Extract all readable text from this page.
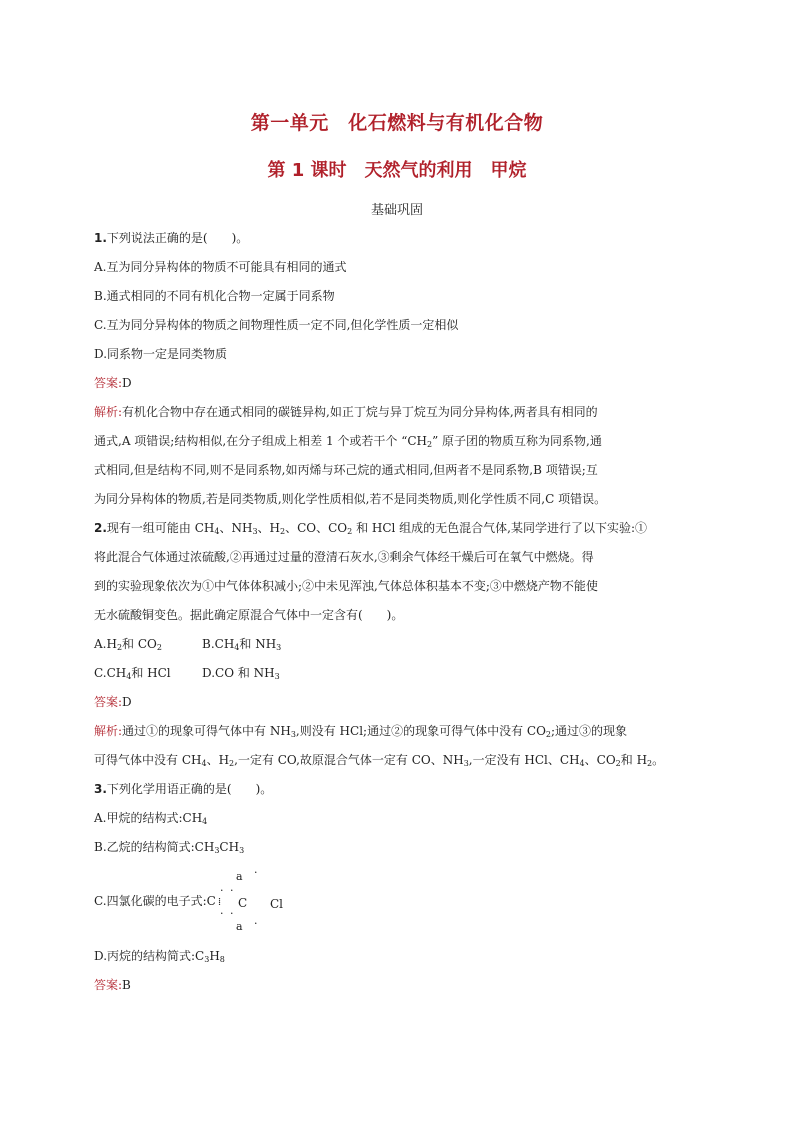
第一单元　化石燃料与有机化合物
第 1 课时　天然气的利用　甲烷
基础巩固
1.下列说法正确的是(　　)。
A.互为同分异构体的物质不可能具有相同的通式
B.通式相同的不同有机化合物一定属于同系物
C.互为同分异构体的物质之间物理性质一定不同,但化学性质一定相似
D.同系物一定是同类物质
答案:D
解析:有机化合物中存在通式相同的碳链异构,如正丁烷与异丁烷互为同分异构体,两者具有相同的
通式,A 项错误;结构相似,在分子组成上相差 1 个或若干个 “$CH_2$” 原子团的物质互称为同系物,通
式相同,但是结构不同,则不是同系物,如丙烯与环己烷的通式相同,但两者不是同系物,B 项错误;互
为同分异构体的物质,若是同类物质,则化学性质相似,若不是同类物质,则化学性质不同,C 项错误。
2.现有一组可能由 $CH_4$、$NH_3$、$H_2$、CO、$CO_2$ 和 HCl 组成的无色混合气体,某同学进行了以下实验:①
将此混合气体通过浓硫酸,②再通过过量的澄清石灰水,③剩余气体经干燥后可在氧气中燃烧。得
到的实验现象依次为①中气体体积减小;②中未见浑浊,气体总体积基本不变;③中燃烧产物不能使
无水硫酸铜变色。据此确定原混合气体中一定含有(　　)。
$A.H_2$和 $CO_2$	$B.CH_4$和 $NH_3$
$C.CH_4$和 HCl	D.CO 和 $NH_3$
答案:D
解析:通过①的现象可得气体中有 $NH_3$,则没有 HCl;通过②的现象可得气体中没有 $CO_2$;通过③的现象
可得气体中没有 $CH_4$、$H_2$,一定有 CO,故原混合气体一定有 CO、$NH_3$,一定没有 HCl、$CH_4$、$CO_2$和 $H_2$。
3.下列化学用语正确的是(　　)。
A.甲烷的结构式$:CH_4$
B.乙烷的结构简式$:CH_3CH_3$
C.四氯化碳的电子式:C
a ·
· ·
⁞ C Cl
· ·
a ·
D.丙烷的结构简式$:C_3H_8$
答案:B
